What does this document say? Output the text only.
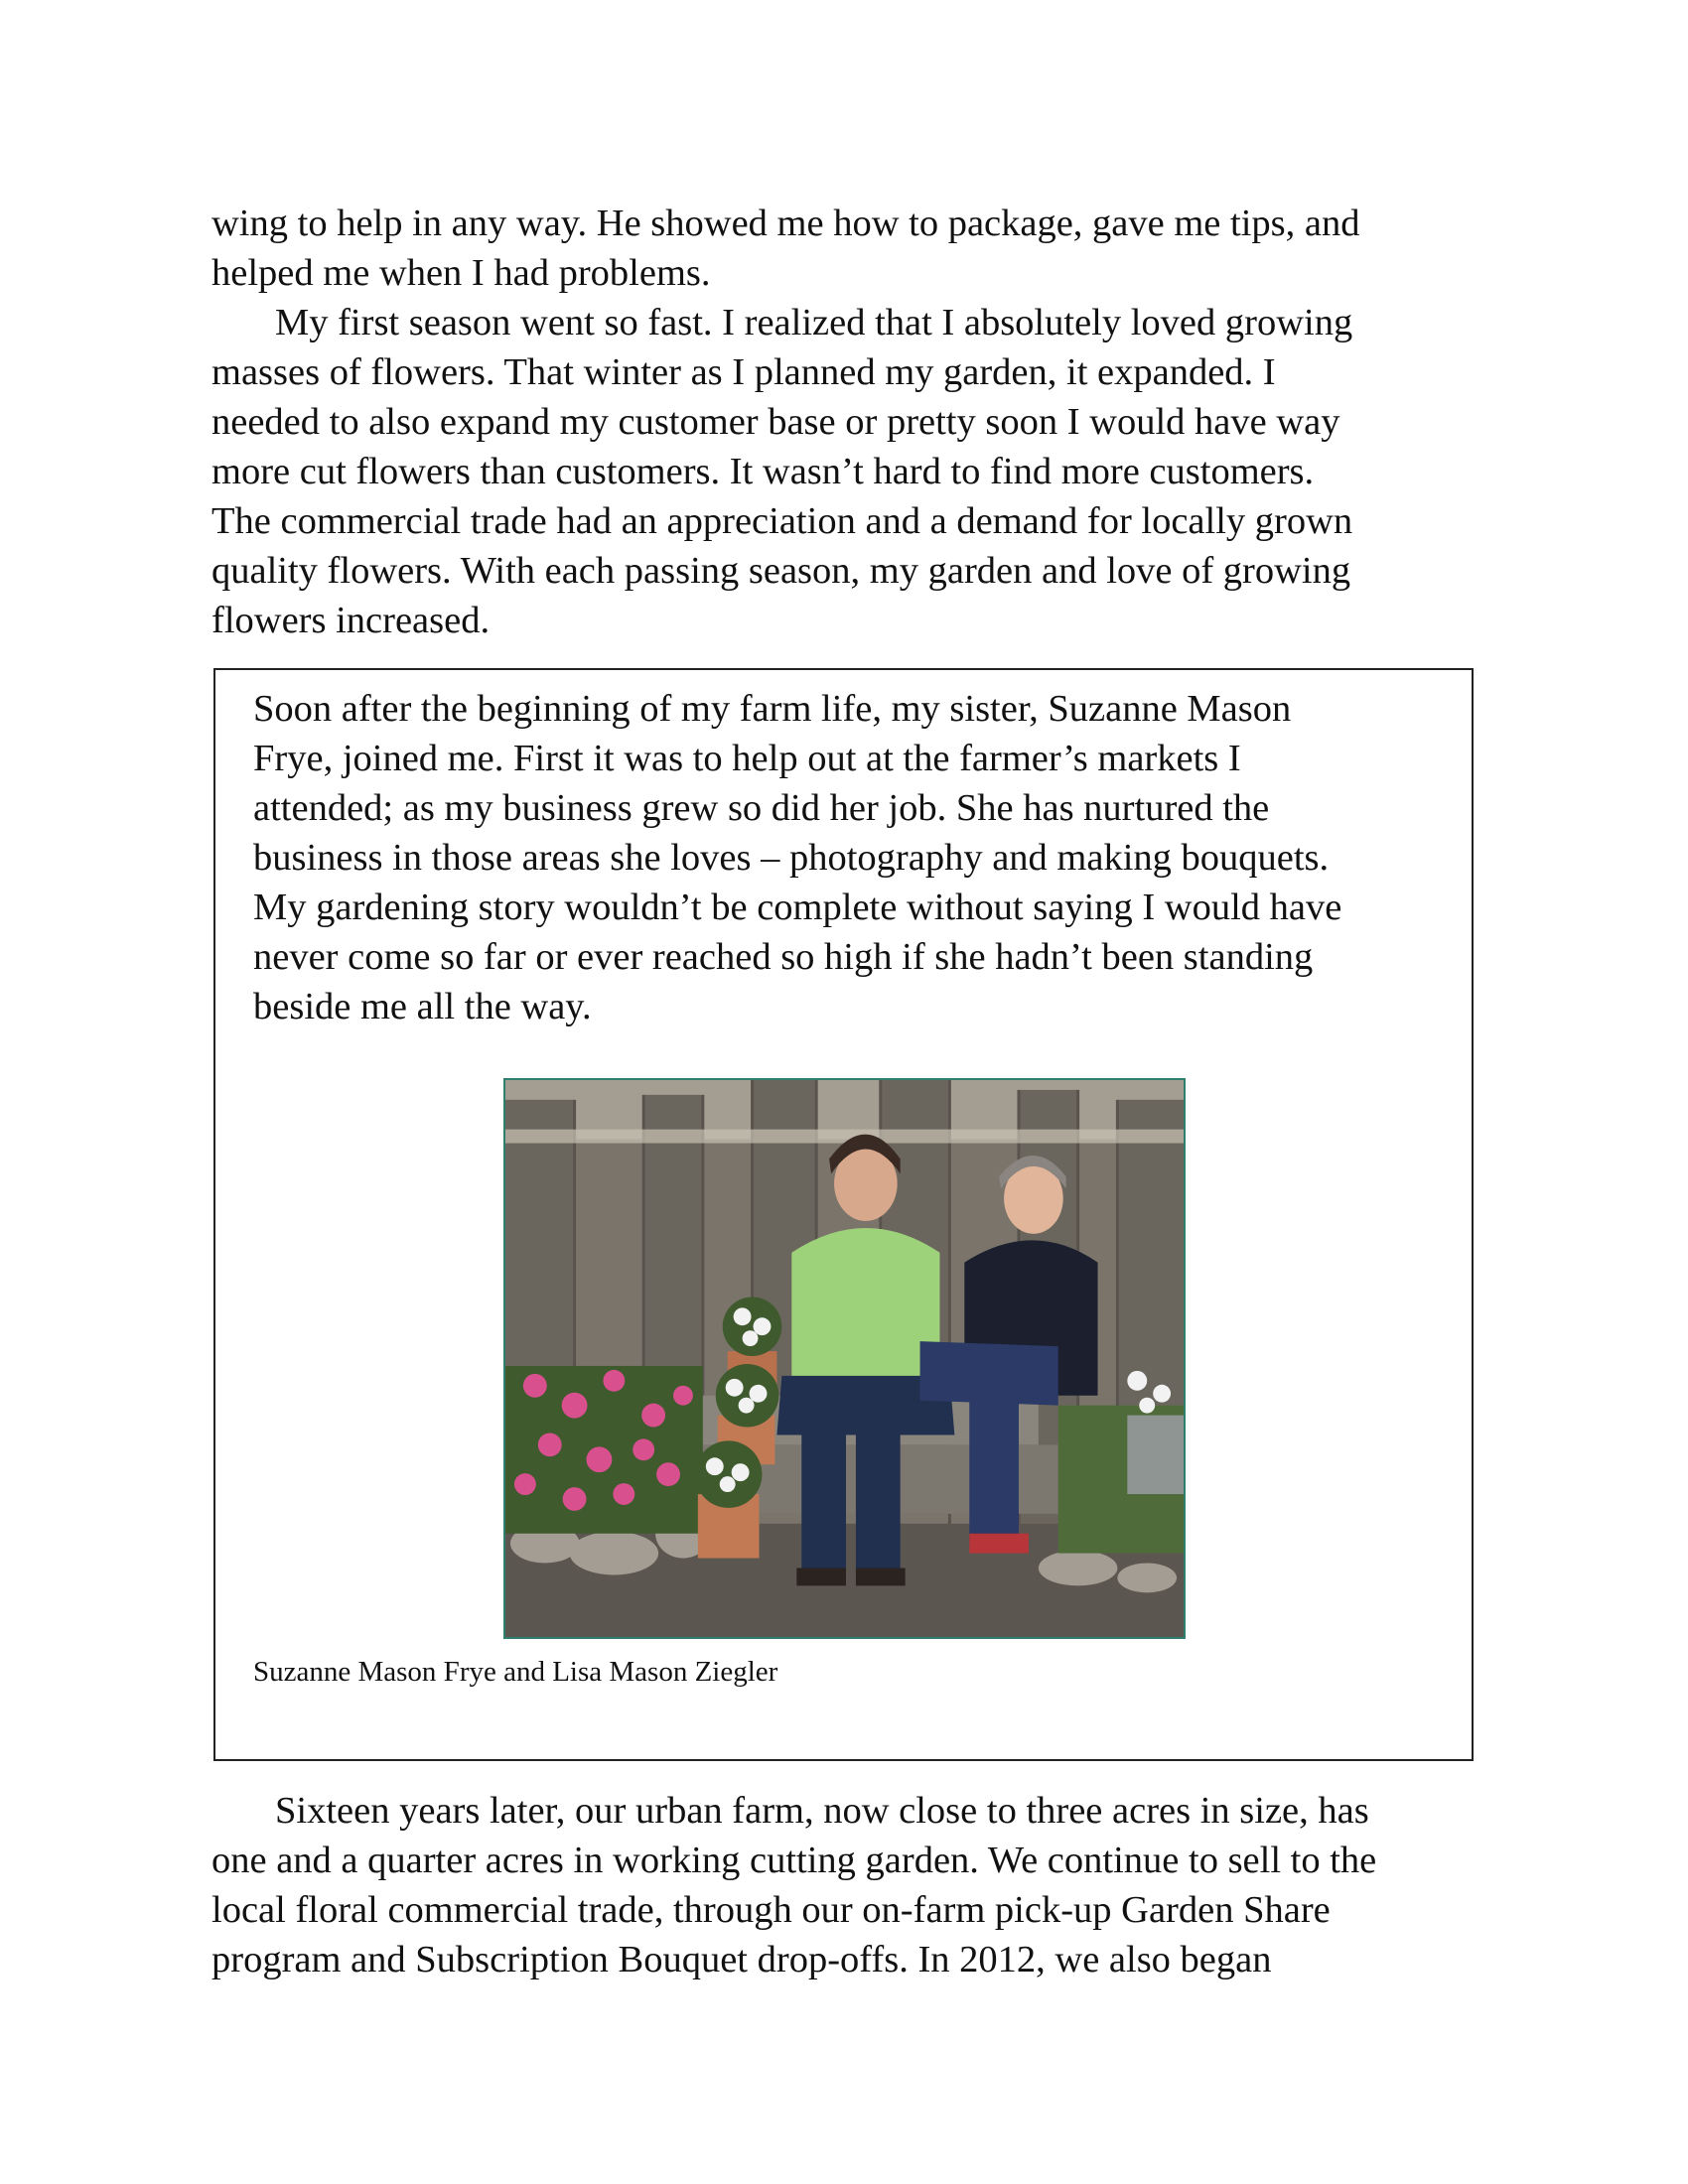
wing to help in any way. He showed me how to package, gave me tips, and
helped me when I had problems.
My first season went so fast. I realized that I absolutely loved growing
masses of flowers. That winter as I planned my garden, it expanded. I
needed to also expand my customer base or pretty soon I would have way
more cut flowers than customers. It wasn’t hard to find more customers.
The commercial trade had an appreciation and a demand for locally grown
quality flowers. With each passing season, my garden and love of growing
flowers increased.
Soon after the beginning of my farm life, my sister, Suzanne Mason
Frye, joined me. First it was to help out at the farmer’s markets I
attended; as my business grew so did her job. She has nurtured the
business in those areas she loves – photography and making bouquets.
My gardening story wouldn’t be complete without saying I would have
never come so far or ever reached so high if she hadn’t been standing
beside me all the way.
Suzanne Mason Frye and Lisa Mason Ziegler
Sixteen years later, our urban farm, now close to three acres in size, has
one and a quarter acres in working cutting garden. We continue to sell to the
local floral commercial trade, through our on-farm pick-up Garden Share
program and Subscription Bouquet drop-offs. In 2012, we also began
